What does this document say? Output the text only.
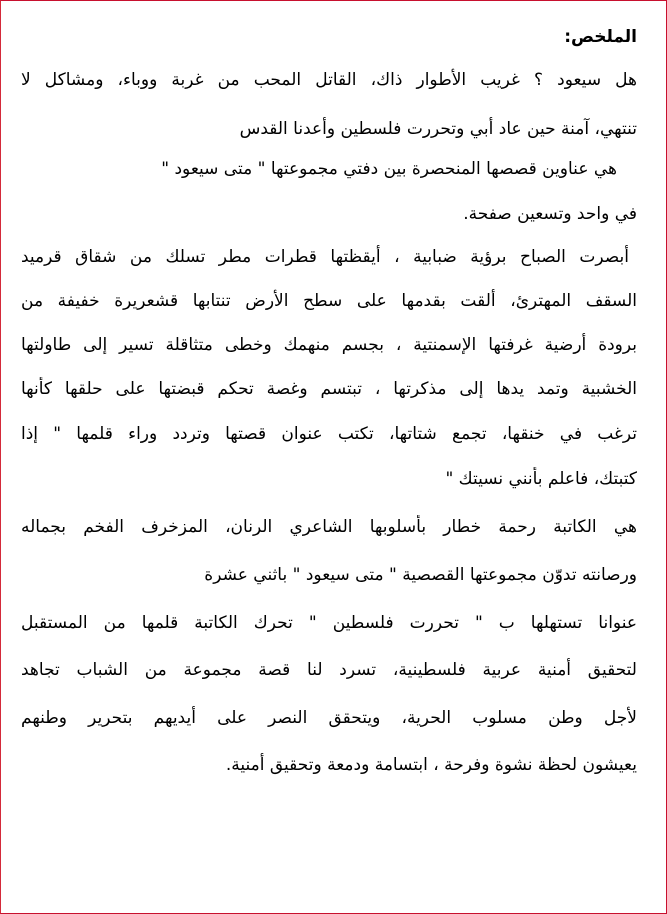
الملخص:
هل سيعود ؟ غريب الأطوار ذاك، القاتل المحب من غربة ووباء، ومشاكل لا
تنتهي، آمنة حين عاد أبي وتحررت فلسطين وأعدنا القدس
هي عناوين قصصها المنحصرة بين دفتي مجموعتها " متى سيعود "
في واحد وتسعين صفحة.
أبصرت الصباح برؤية ضبابية ، أيقظتها قطرات مطر تسلك من شقاق قرميد
السقف المهترئ، ألقت بقدمها على سطح الأرض تنتابها قشعريرة خفيفة من
برودة أرضية غرفتها الإسمنتية ، بجسم منهمك وخطى متثاقلة تسير إلى طاولتها
الخشبية وتمد يدها إلى مذكرتها ، تبتسم وغصة تحكم قبضتها على حلقها كأنها
ترغب في خنقها، تجمع شتاتها، تكتب عنوان قصتها وتردد وراء قلمها " إذا
كتبتك، فاعلم بأنني نسيتك "
هي الكاتبة رحمة خطار بأسلوبها الشاعري الرنان، المزخرف الفخم بجماله
ورصانته تدوّن مجموعتها القصصية " متى سيعود " باثني عشرة
عنوانا تستهلها ب " تحررت فلسطين " تحرك الكاتبة قلمها من المستقبل
لتحقيق أمنية عربية فلسطينية، تسرد لنا قصة مجموعة من الشباب تجاهد
لأجل وطن مسلوب الحرية، ويتحقق النصر على أيديهم بتحرير وطنهم
يعيشون لحظة نشوة وفرحة ، ابتسامة ودمعة وتحقيق أمنية.
